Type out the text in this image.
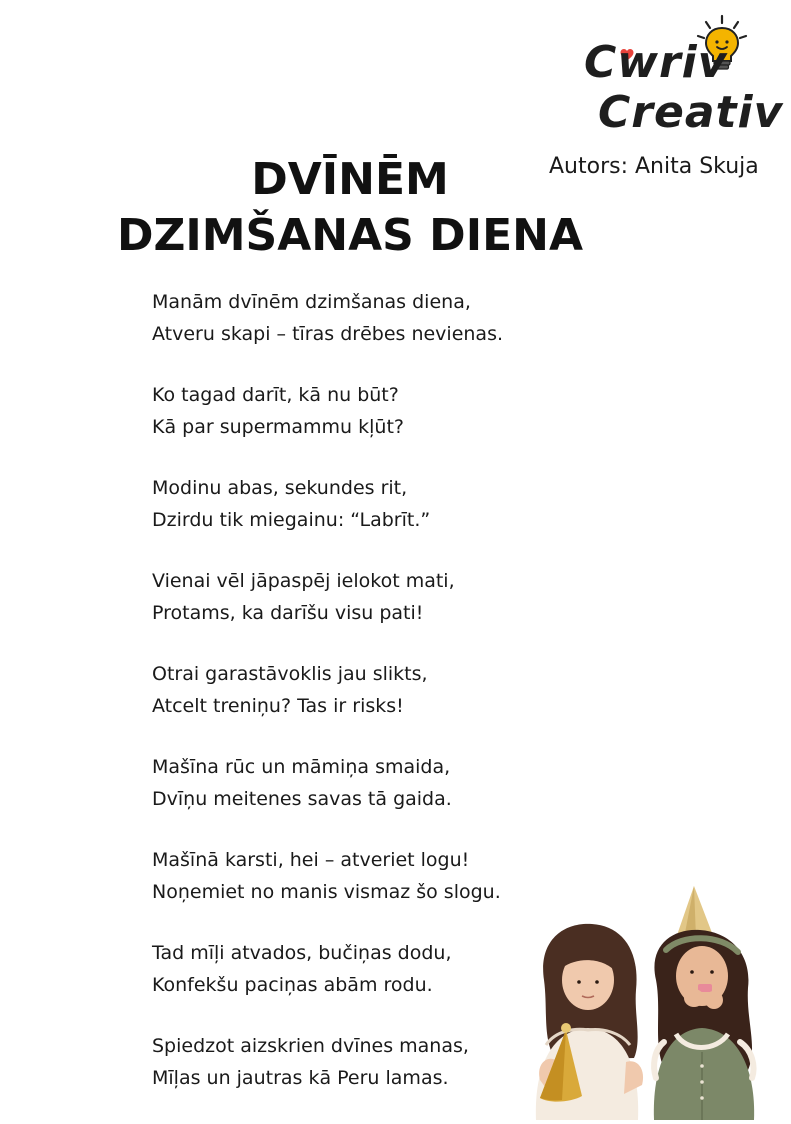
Cwriv
Creativ
Autors: Anita Skuja
DVĪNĒM
DZIMŠANAS DIENA
Manām dvīnēm dzimšanas diena,
Atveru skapi – tīras drēbes nevienas.
Ko tagad darīt, kā nu būt?
Kā par supermammu kļūt?
Modinu abas, sekundes rit,
Dzirdu tik miegainu: “Labrīt.”
Vienai vēl jāpaspēj ielokot mati,
Protams, ka darīšu visu pati!
Otrai garastāvoklis jau slikts,
Atcelt treniņu? Tas ir risks!
Mašīna rūc un māmiņa smaida,
Dvīņu meitenes savas tā gaida.
Mašīnā karsti, hei – atveriet logu!
Noņemiet no manis vismaz šo slogu.
Tad mīļi atvados, bučiņas dodu,
Konfekšu paciņas abām rodu.
Spiedzot aizskrien dvīnes manas,
Mīļas un jautras kā Peru lamas.
